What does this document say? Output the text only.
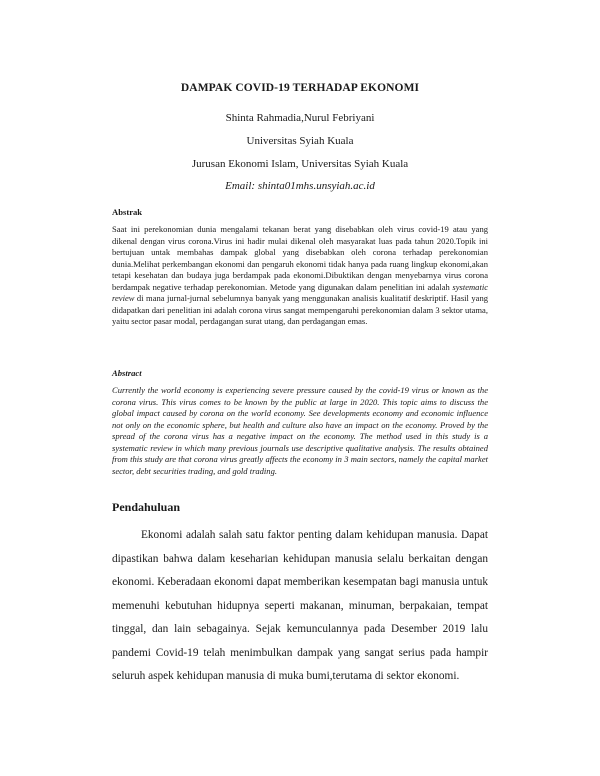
DAMPAK COVID-19 TERHADAP EKONOMI
Shinta Rahmadia,Nurul Febriyani
Universitas Syiah Kuala
Jurusan Ekonomi Islam, Universitas Syiah Kuala
Email: shinta01mhs.unsyiah.ac.id
Abstrak

Saat ini perekonomian dunia mengalami tekanan berat yang disebabkan oleh virus covid-19 atau yang dikenal dengan virus corona.Virus ini hadir mulai dikenal oleh masyarakat luas pada tahun 2020.Topik ini bertujuan untak membahas dampak global yang disebabkan oleh corona terhadap perekonomian dunia.Melihat perkembangan ekonomi dan pengaruh ekonomi tidak hanya pada ruang lingkup ekonomi,akan tetapi kesehatan dan budaya juga berdampak pada ekonomi.Dibuktikan dengan menyebarnya virus corona berdampak negative terhadap perekonomian. Metode yang digunakan dalam penelitian ini adalah systematic review di mana jurnal-jurnal sebelumnya banyak yang menggunakan analisis kualitatif deskriptif. Hasil yang didapatkan dari penelitian ini adalah corona virus sangat mempengaruhi perekonomian dalam 3 sektor utama, yaitu sector pasar modal, perdagangan surat utang, dan perdagangan emas.

Abstract

Currently the world economy is experiencing severe pressure caused by the covid-19 virus or known as the corona virus. This virus comes to be known by the public at large in 2020. This topic aims to discuss the global impact caused by corona on the world economy. See developments economy and economic influence not only on the economic sphere, but health and culture also have an impact on the economy. Proved by the spread of the corona virus has a negative impact on the economy. The method used in this study is a systematic review in which many previous journals use descriptive qualitative analysis. The results obtained from this study are that corona virus greatly affects the economy in 3 main sectors, namely the capital market sector, debt securities trading, and gold trading.

Pendahuluan

Ekonomi adalah salah satu faktor penting dalam kehidupan manusia. Dapat dipastikan bahwa dalam keseharian kehidupan manusia selalu berkaitan dengan ekonomi. Keberadaan ekonomi dapat memberikan kesempatan bagi manusia untuk memenuhi kebutuhan hidupnya seperti makanan, minuman, berpakaian, tempat tinggal, dan lain sebagainya. Sejak kemunculannya pada Desember 2019 lalu pandemi Covid-19 telah menimbulkan dampak yang sangat serius pada hampir seluruh aspek kehidupan manusia di muka bumi,terutama di sektor ekonomi.
